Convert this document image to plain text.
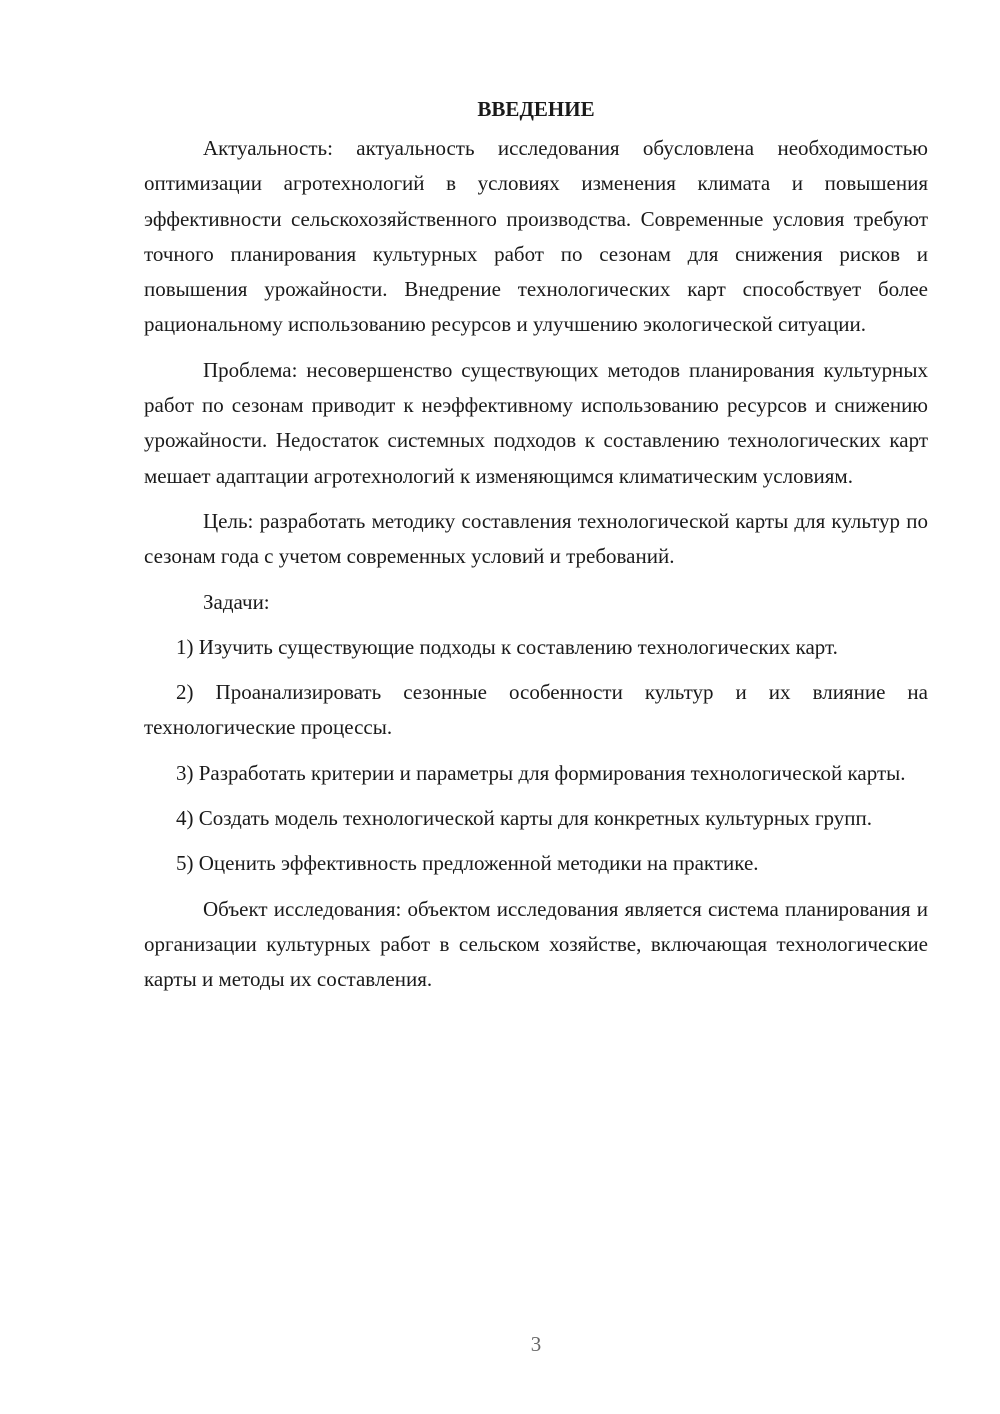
ВВЕДЕНИЕ

Актуальность: актуальность исследования обусловлена необходимостью оптимизации агротехнологий в условиях изменения климата и повышения эффективности сельскохозяйственного производства. Современные условия требуют точного планирования культурных работ по сезонам для снижения рисков и повышения урожайности. Внедрение технологических карт способствует более рациональному использованию ресурсов и улучшению экологической ситуации.

Проблема: несовершенство существующих методов планирования культурных работ по сезонам приводит к неэффективному использованию ресурсов и снижению урожайности. Недостаток системных подходов к составлению технологических карт мешает адаптации агротехнологий к изменяющимся климатическим условиям.

Цель: разработать методику составления технологической карты для культур по сезонам года с учетом современных условий и требований.

Задачи:

1) Изучить существующие подходы к составлению технологических карт.

2) Проанализировать сезонные особенности культур и их влияние на технологические процессы.

3) Разработать критерии и параметры для формирования технологической карты.

4) Создать модель технологической карты для конкретных культурных групп.

5) Оценить эффективность предложенной методики на практике.

Объект исследования: объектом исследования является система планирования и организации культурных работ в сельском хозяйстве, включающая технологические карты и методы их составления.

3
